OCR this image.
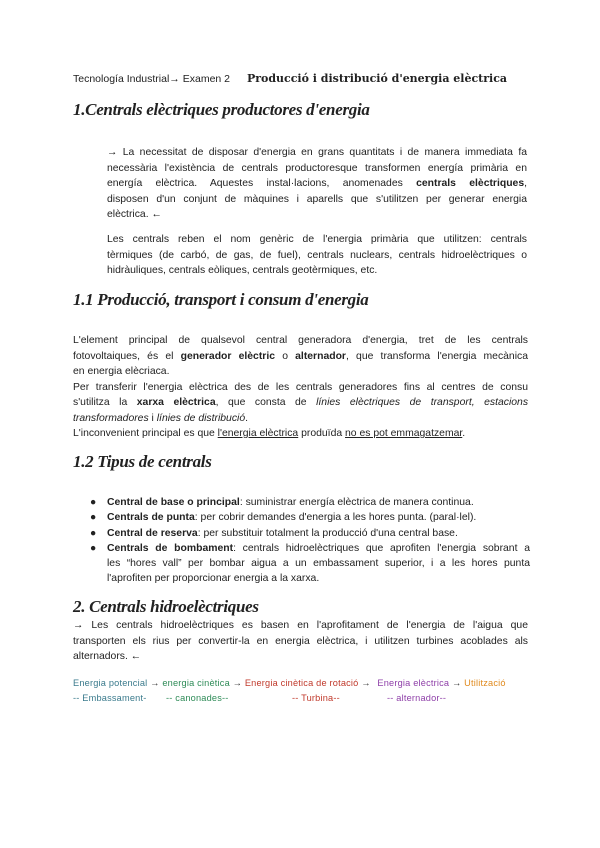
Tecnología Industrial→ Examen 2 Producció i distribució d'energia elèctrica
1.Centrals elèctriques productores d'energia
→ La necessitat de disposar d'energia en grans quantitats i de manera immediata fa
necessària l'existència de centrals productoresque transformen energía primària en
energía elèctrica. Aquestes instal·lacions, anomenades centrals elèctriques,
disposen d'un conjunt de màquines i aparells que s'utilitzen per generar energia
elèctrica. ←
Les centrals reben el nom genèric de l'energia primària que utilitzen: centrals
tèrmiques (de carbó, de gas, de fuel), centrals nuclears, centrals hidroelèctriques o
hidràuliques, centrals eòliques, centrals geotèrmiques, etc.
1.1 Producció, transport i consum d'energia
L'element principal de qualsevol central generadora d'energia, tret de les centrals
fotovoltaiques, és el generador elèctric o alternador, que transforma l'energia mecànica
en energia elècriaca.
Per transferir l'energia elèctrica des de les centrals generadores fins al centres de consu
s'utilitza la xarxa elèctrica, que consta de línies elèctriques de transport, estacions
transformadores i línies de distribució.
L'inconvenient principal es que l'energia elèctrica produïda no es pot emmagatzemar.
1.2 Tipus de centrals
● Central de base o principal: suministrar energía elèctrica de manera continua.
● Centrals de punta: per cobrir demandes d'energia a les hores punta. (paral·lel).
● Central de reserva: per substituir totalment la producció d'una central base.
● Centrals de bombament: centrals hidroelèctriques que aprofiten l'energia sobrant a
les “hores vall” per bombar aigua a un embassament superior, i a les hores punta
l'aprofiten per proporcionar energia a la xarxa.
2. Centrals hidroelèctriques
→ Les centrals hidroelèctriques es basen en l'aprofitament de l'energia de l'aigua que
transporten els rius per convertir-la en energia elèctrica, i utilitzen turbines acoblades als
alternadors. ←
Energia potencial → energia cinètica → Energia cinètica de rotació → Energia elèctrica → Utilització
-- Embassament- -- canonades--	-- Turbina--	-- alternador--
